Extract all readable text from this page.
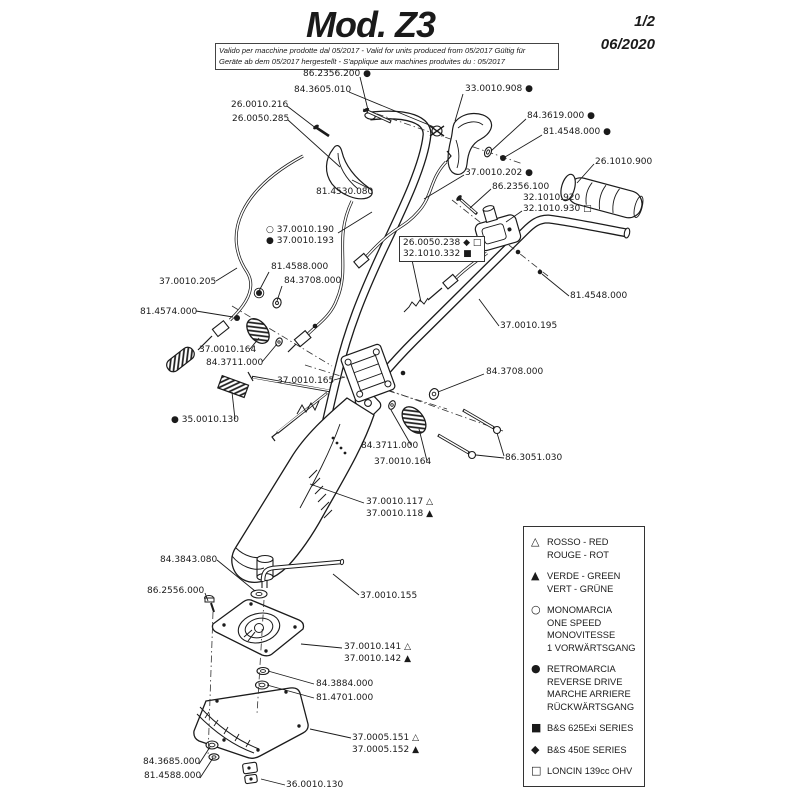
Mod. Z3	1/2
06/2020
Valido per macchine prodotte dal 05/2017 - Valid for units produced from 05/2017 Gültig für
Geräte ab dem 05/2017 hergestellt - S'applique aux machines produites du : 05/2017
86.2356.200 ●
84.3605.010
26.0010.216
26.0050.285
33.0010.908 ●
84.3619.000 ●
81.4548.000 ●
26.1010.900
37.0010.202 ●
86.2356.100
32.1010.920
32.1010.930 □
81.4530.080
○ 37.0010.190
● 37.0010.193
37.0010.205
81.4588.000
84.3708.000
81.4574.000
37.0010.164
84.3711.000
37.0010.165
84.3708.000
● 35.0010.130
84.3711.000
37.0010.164	86.3051.030
37.0010.117 △
37.0010.118 ▲
81.4548.000
37.0010.195
84.3843.080
86.2556.000	37.0010.155
37.0010.141 △
37.0010.142 ▲
84.3884.000
81.4701.000
37.0005.151 △
37.0005.152 ▲
84.3685.000
81.4588.000
36.0010.130
26.0050.238 ◆ □
32.1010.332 ■
△ ROSSO - RED
ROUGE - ROT
▲ VERDE - GREEN
VERT - GRÜNE
○ MONOMARCIA
ONE SPEED
MONOVITESSE
1 VORWÄRTSGANG
● RETROMARCIA
REVERSE DRIVE
MARCHE ARRIERE
RÜCKWÄRTSGANG
■ B&S 625Exi SERIES
◆ B&S 450E SERIES
□ LONCIN 139cc OHV
